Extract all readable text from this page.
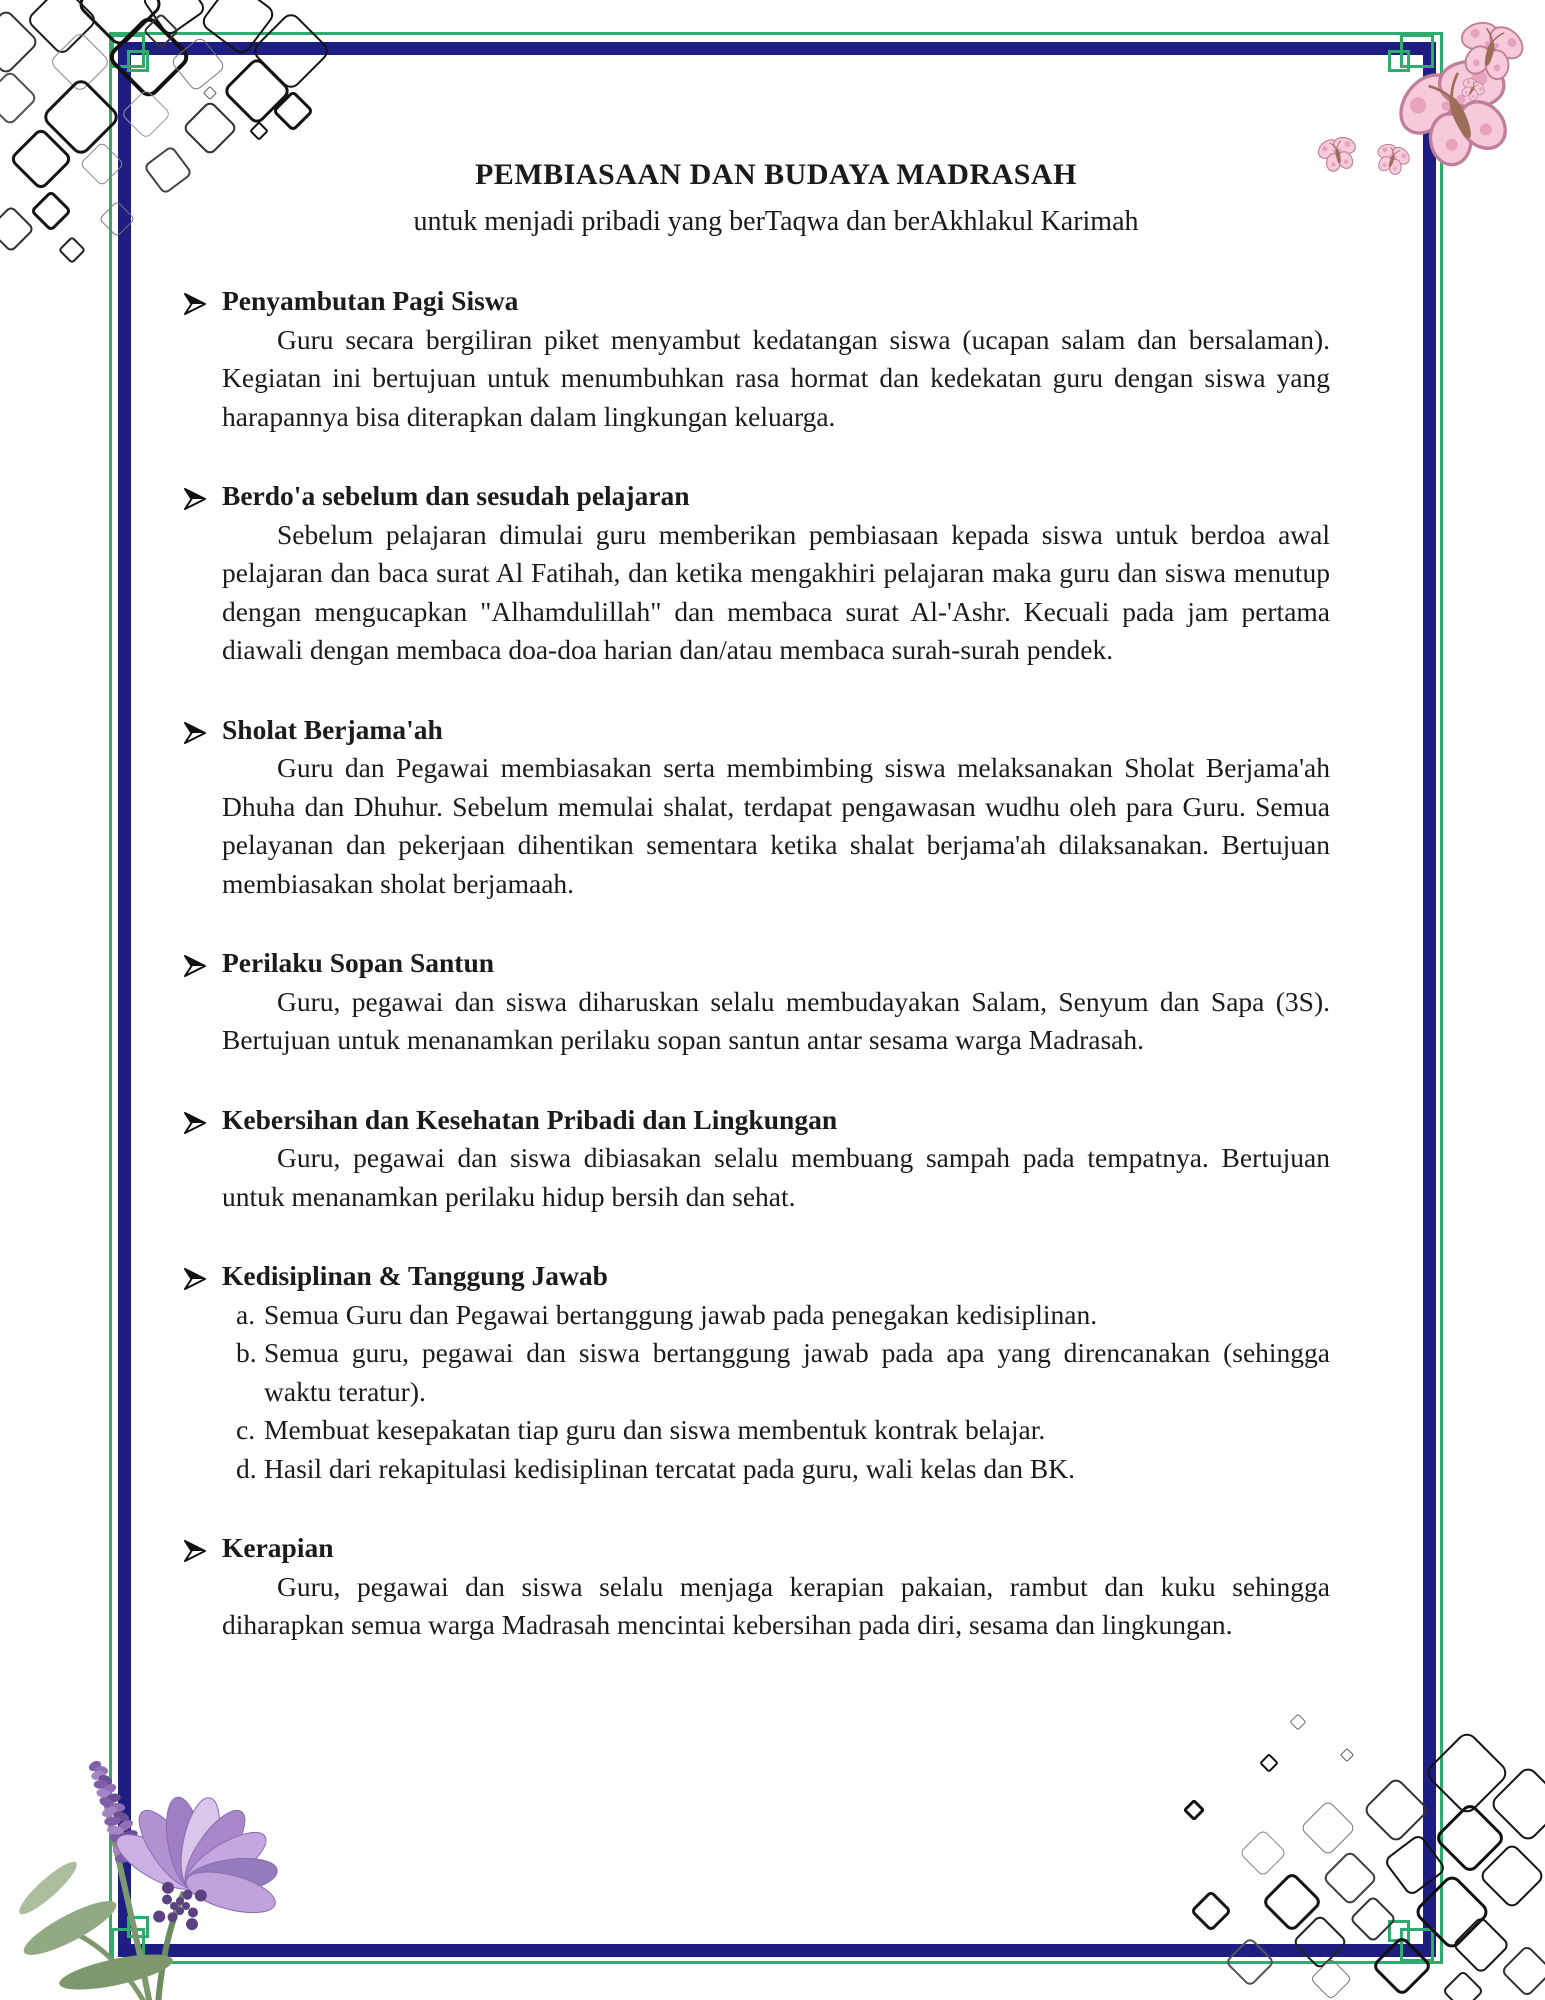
PEMBIASAAN DAN BUDAYA MADRASAH
untuk menjadi pribadi yang berTaqwa dan berAkhlakul Karimah
Penyambutan Pagi Siswa

Guru secara bergiliran piket menyambut kedatangan siswa (ucapan salam dan bersalaman). Kegiatan ini bertujuan untuk menumbuhkan rasa hormat dan kedekatan guru dengan siswa yang harapannya bisa diterapkan dalam lingkungan keluarga.

Berdo'a sebelum dan sesudah pelajaran

Sebelum pelajaran dimulai guru memberikan pembiasaan kepada siswa untuk berdoa awal pelajaran dan baca surat Al Fatihah, dan ketika mengakhiri pelajaran maka guru dan siswa menutup dengan mengucapkan "Alhamdulillah" dan membaca surat Al-'Ashr. Kecuali pada jam pertama diawali dengan membaca doa-doa harian dan/atau membaca surah-surah pendek.

Sholat Berjama'ah

Guru dan Pegawai membiasakan serta membimbing siswa melaksanakan Sholat Berjama'ah Dhuha dan Dhuhur. Sebelum memulai shalat, terdapat pengawasan wudhu oleh para Guru. Semua pelayanan dan pekerjaan dihentikan sementara ketika shalat berjama'ah dilaksanakan. Bertujuan membiasakan sholat berjamaah.

Perilaku Sopan Santun

Guru, pegawai dan siswa diharuskan selalu membudayakan Salam, Senyum dan Sapa (3S). Bertujuan untuk menanamkan perilaku sopan santun antar sesama warga Madrasah.

Kebersihan dan Kesehatan Pribadi dan Lingkungan

Guru, pegawai dan siswa dibiasakan selalu membuang sampah pada tempatnya. Bertujuan untuk menanamkan perilaku hidup bersih dan sehat.

Kedisiplinan & Tanggung Jawab
a. Semua Guru dan Pegawai bertanggung jawab pada penegakan kedisiplinan.
b. Semua guru, pegawai dan siswa bertanggung jawab pada apa yang direncanakan (sehingga waktu teratur).
c. Membuat kesepakatan tiap guru dan siswa membentuk kontrak belajar.
d. Hasil dari rekapitulasi kedisiplinan tercatat pada guru, wali kelas dan BK.
Kerapian

Guru, pegawai dan siswa selalu menjaga kerapian pakaian, rambut dan kuku sehingga diharapkan semua warga Madrasah mencintai kebersihan pada diri, sesama dan lingkungan.
